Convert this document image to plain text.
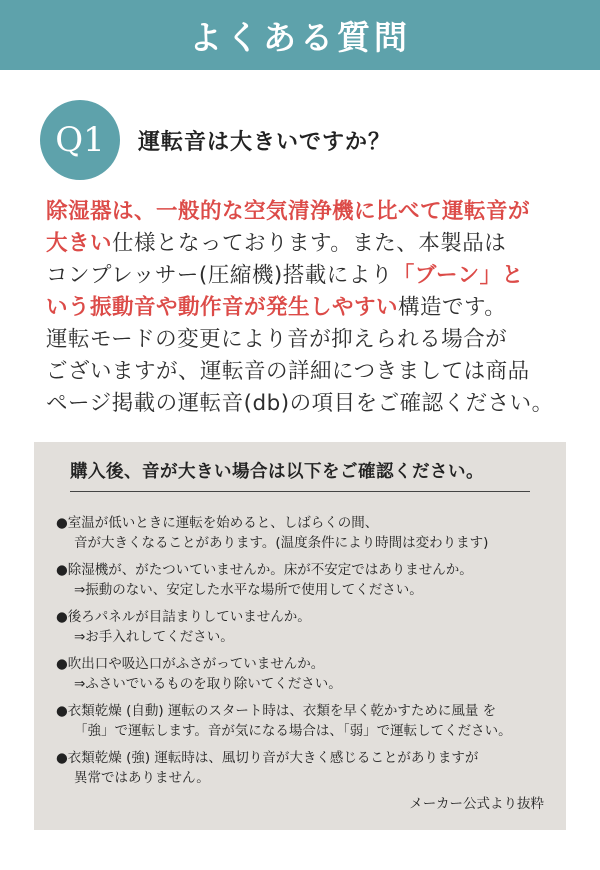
よくある質問
Q1	運転音は大きいですか？
除湿器は、一般的な空気清浄機に比べて運転音が
大きい仕様となっております。また、本製品は
コンプレッサー(圧縮機)搭載により「ブーン」と
いう振動音や動作音が発生しやすい構造です。
運転モードの変更により音が抑えられる場合が
ございますが、運転音の詳細につきましては商品
ページ掲載の運転音(db)の項目をご確認ください。
購入後、音が大きい場合は以下をご確認ください。
●室温が低いときに運転を始めると、しばらくの間、
音が大きくなることがあります。(温度条件により時間は変わります)
●除湿機が、がたついていませんか。床が不安定ではありませんか。
⇒振動のない、安定した水平な場所で使用してください。
●後ろパネルが目詰まりしていませんか。
⇒お手入れしてください。
●吹出口や吸込口がふさがっていませんか。
⇒ふさいでいるものを取り除いてください。
●衣類乾燥 (自動) 運転のスタート時は、衣類を早く乾かすために風量 を
「強」で運転します。音が気になる場合は、「弱」で運転してください。
●衣類乾燥 (強) 運転時は、風切り音が大きく感じることがありますが
異常ではありません。
メーカー公式より抜粋
